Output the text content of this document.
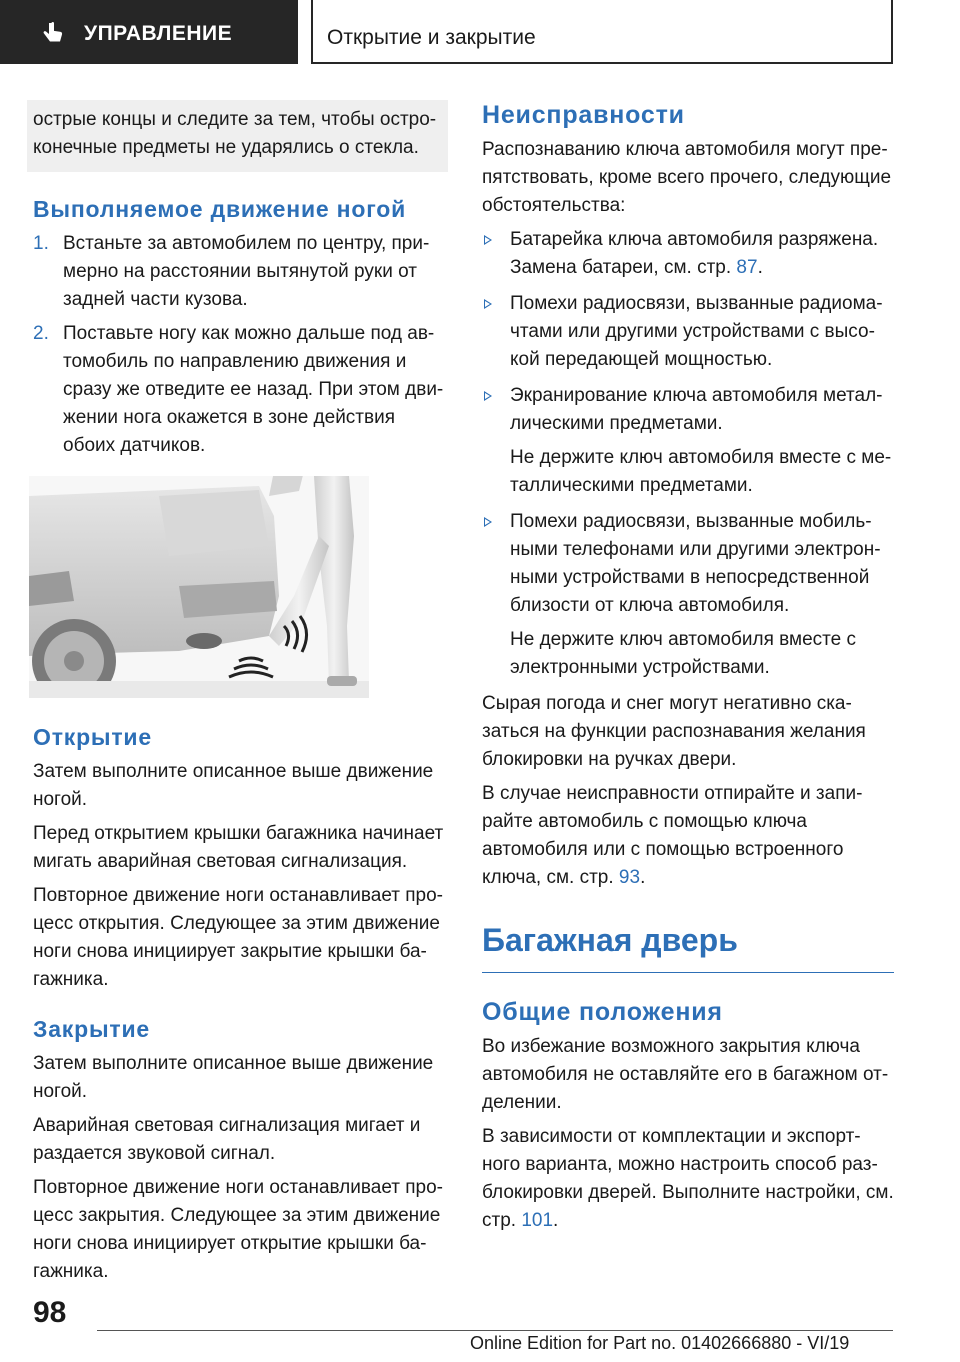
УПРАВЛЕНИЕ	Открытие и закрытие
острые концы и следите за тем, чтобы остро-конечные предметы не ударялись о стекла.
Выполняемое движение ногой
1. Встаньте за автомобилем по центру, при-мерно на расстоянии вытянутой руки от задней части кузова.
2. Поставьте ногу как можно дальше под ав-томобиль по направлению движения и сразу же отведите ее назад. При этом дви-жении нога окажется в зоне действия обоих датчиков.
Открытие

Затем выполните описанное выше движение ногой.

Перед открытием крышки багажника начинает мигать аварийная световая сигнализация.

Повторное движение ноги останавливает про-цесс открытия. Следующее за этим движение ноги снова инициирует закрытие крышки ба-гажника.

Закрытие

Затем выполните описанное выше движение ногой.

Аварийная световая сигнализация мигает и раздается звуковой сигнал.

Повторное движение ноги останавливает про-цесс закрытия. Следующее за этим движение ноги снова инициирует открытие крышки ба-гажника.

Неисправности

Распознаванию ключа автомобиля могут пре-пятствовать, кроме всего прочего, следующие обстоятельства:

Батарейка ключа автомобиля разряжена. Замена батареи, см. стр. 87.

Помехи радиосвязи, вызванные радиома-чтами или другими устройствами с высо-кой передающей мощностью.

Экранирование ключа автомобиля метал-лическими предметами.

Не держите ключ автомобиля вместе с ме-таллическими предметами.

Помехи радиосвязи, вызванные мобиль-ными телефонами или другими электрон-ными устройствами в непосредственной близости от ключа автомобиля.

Не держите ключ автомобиля вместе с электронными устройствами.

Сырая погода и снег могут негативно ска-заться на функции распознавания желания блокировки на ручках двери.

В случае неисправности отпирайте и запи-райте автомобиль с помощью ключа автомобиля или с помощью встроенного ключа, см. стр. 93.

Багажная дверь
Общие положения

Во избежание возможного закрытия ключа автомобиля не оставляйте его в багажном от-делении.

В зависимости от комплектации и экспорт-ного варианта, можно настроить способ раз-блокировки дверей. Выполните настройки, см. стр. 101.

98
Online Edition for Part no. 01402666880 - VI/19
